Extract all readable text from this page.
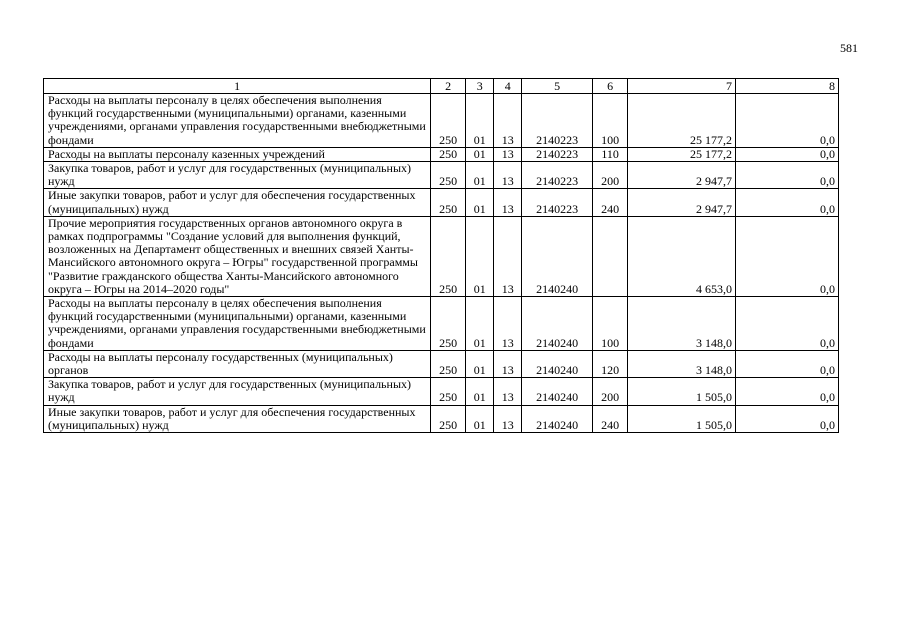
581
1	2	3	4	5	6	7	8
Расходы на выплаты персоналу в целях обеспечения выполнения функций государственными (муниципальными) органами, казенными учреждениями, органами управления государственными внебюджетными фондами	250	01	13	2140223	100	25 177,2	0,0
Расходы на выплаты персоналу казенных учреждений	250	01	13	2140223	110	25 177,2	0,0
Закупка товаров, работ и услуг для государственных (муниципальных) нужд	250	01	13	2140223	200	2 947,7	0,0
Иные закупки товаров, работ и услуг для обеспечения государственных (муниципальных) нужд	250	01	13	2140223	240	2 947,7	0,0
Прочие мероприятия государственных органов автономного округа в рамках подпрограммы "Создание условий для выполнения функций, возложенных на Департамент общественных и внешних связей Ханты-Мансийского автономного округа – Югры" государственной программы "Развитие гражданского общества Ханты-Мансийского автономного округа – Югры на 2014–2020 годы"	250	01	13	2140240		4 653,0	0,0
Расходы на выплаты персоналу в целях обеспечения выполнения функций государственными (муниципальными) органами, казенными учреждениями, органами управления государственными внебюджетными фондами	250	01	13	2140240	100	3 148,0	0,0
Расходы на выплаты персоналу государственных (муниципальных) органов	250	01	13	2140240	120	3 148,0	0,0
Закупка товаров, работ и услуг для государственных (муниципальных) нужд	250	01	13	2140240	200	1 505,0	0,0
Иные закупки товаров, работ и услуг для обеспечения государственных (муниципальных) нужд	250	01	13	2140240	240	1 505,0	0,0
